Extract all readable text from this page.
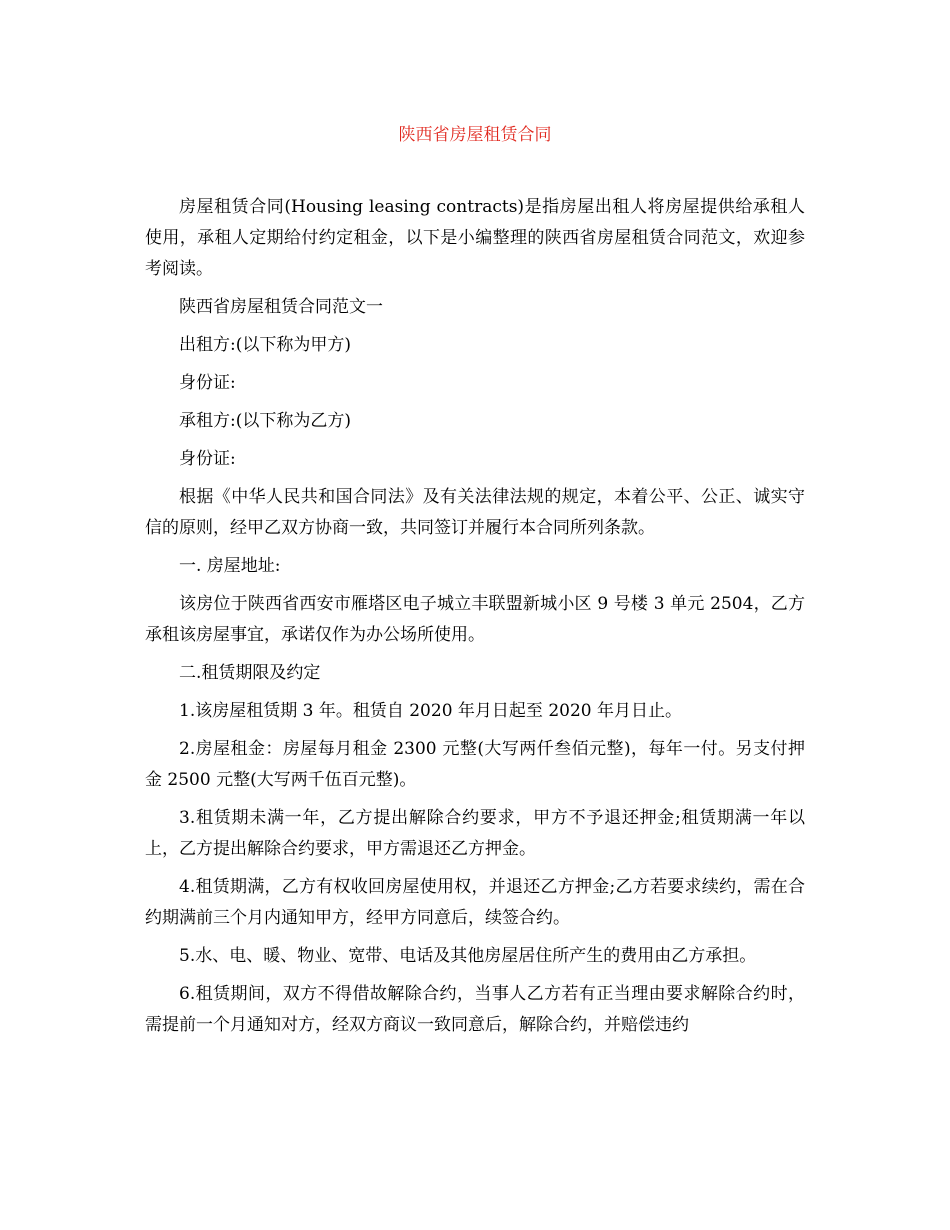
陕西省房屋租赁合同

房屋租赁合同(Housing leasing contracts)是指房屋出租人将房屋提供给承租人使用，承租人定期给付约定租金，以下是小编整理的陕西省房屋租赁合同范文，欢迎参考阅读。

陕西省房屋租赁合同范文一

出租方:(以下称为甲方)

身份证:

承租方:(以下称为乙方)

身份证:

根据《中华人民共和国合同法》及有关法律法规的规定，本着公平、公正、诚实守信的原则，经甲乙双方协商一致，共同签订并履行本合同所列条款。

一. 房屋地址:

该房位于陕西省西安市雁塔区电子城立丰联盟新城小区 9 号楼 3 单元 2504，乙方承租该房屋事宜，承诺仅作为办公场所使用。

二.租赁期限及约定

1.该房屋租赁期 3 年。租赁自 2020 年月日起至 2020 年月日止。

2.房屋租金：房屋每月租金 2300 元整(大写两仟叁佰元整)，每年一付。另支付押金 2500 元整(大写两千伍百元整)。

3.租赁期未满一年，乙方提出解除合约要求，甲方不予退还押金;租赁期满一年以上，乙方提出解除合约要求，甲方需退还乙方押金。

4.租赁期满，乙方有权收回房屋使用权，并退还乙方押金;乙方若要求续约，需在合约期满前三个月内通知甲方，经甲方同意后，续签合约。

5.水、电、暖、物业、宽带、电话及其他房屋居住所产生的费用由乙方承担。

6.租赁期间，双方不得借故解除合约，当事人乙方若有正当理由要求解除合约时，需提前一个月通知对方，经双方商议一致同意后，解除合约，并赔偿违约
